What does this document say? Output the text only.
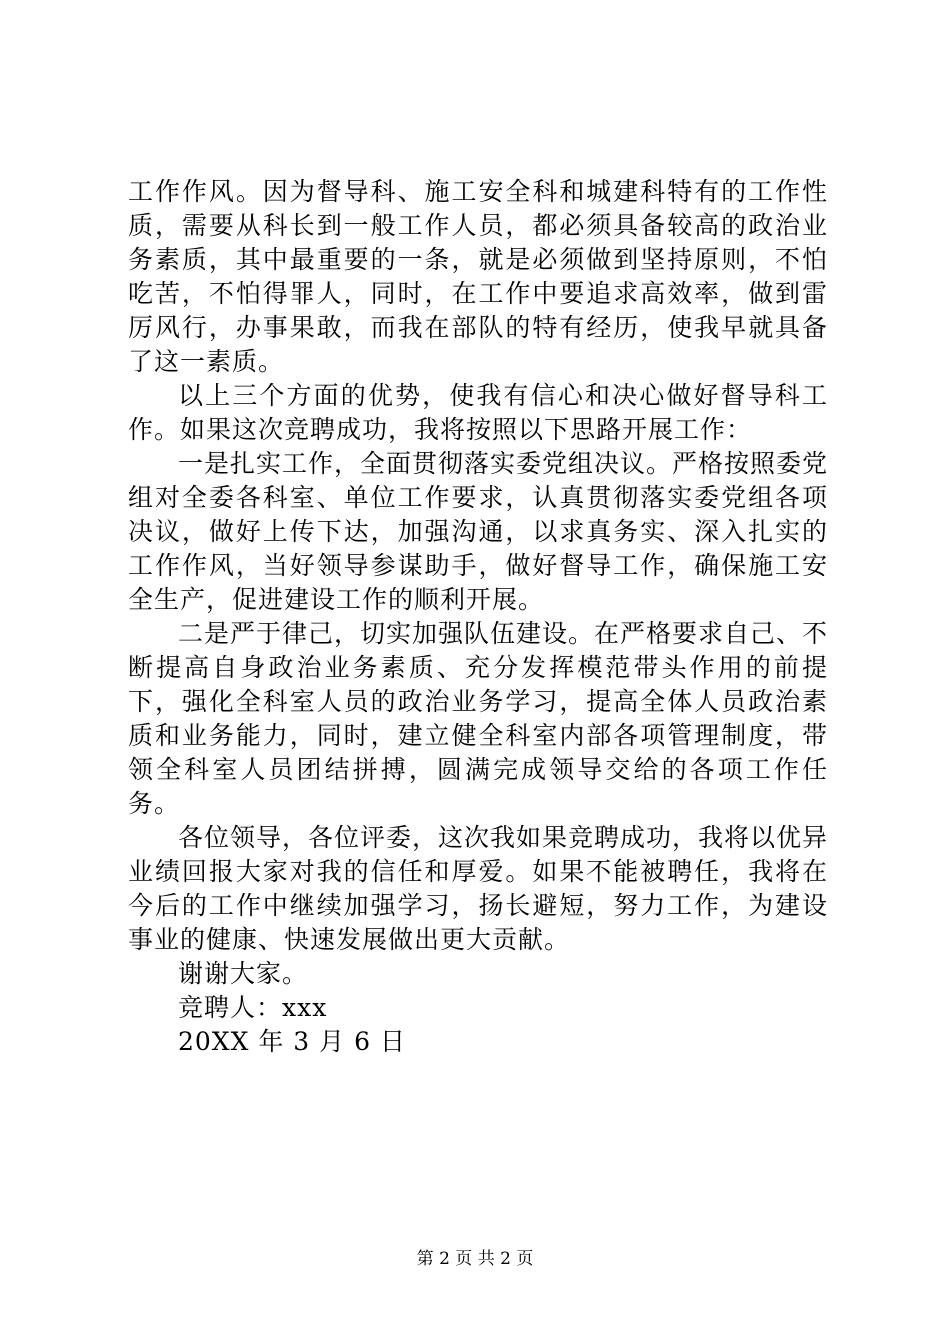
工作作风。因为督导科、施工安全科和城建科特有的工作性质，需要从科长到一般工作人员，都必须具备较高的政治业务素质，其中最重要的一条，就是必须做到坚持原则，不怕吃苦，不怕得罪人，同时，在工作中要追求高效率，做到雷厉风行，办事果敢，而我在部队的特有经历，使我早就具备了这一素质。

以上三个方面的优势，使我有信心和决心做好督导科工作。如果这次竞聘成功，我将按照以下思路开展工作：

一是扎实工作，全面贯彻落实委党组决议。严格按照委党组对全委各科室、单位工作要求，认真贯彻落实委党组各项决议，做好上传下达，加强沟通，以求真务实、深入扎实的工作作风，当好领导参谋助手，做好督导工作，确保施工安全生产，促进建设工作的顺利开展。

二是严于律己，切实加强队伍建设。在严格要求自己、不断提高自身政治业务素质、充分发挥模范带头作用的前提下，强化全科室人员的政治业务学习，提高全体人员政治素质和业务能力，同时，建立健全科室内部各项管理制度，带领全科室人员团结拼搏，圆满完成领导交给的各项工作任务。

各位领导，各位评委，这次我如果竞聘成功，我将以优异业绩回报大家对我的信任和厚爱。如果不能被聘任，我将在今后的工作中继续加强学习，扬长避短，努力工作，为建设事业的健康、快速发展做出更大贡献。

谢谢大家。

竞聘人：xxx

20XX 年 3 月 6 日

第 2 页 共 2 页
